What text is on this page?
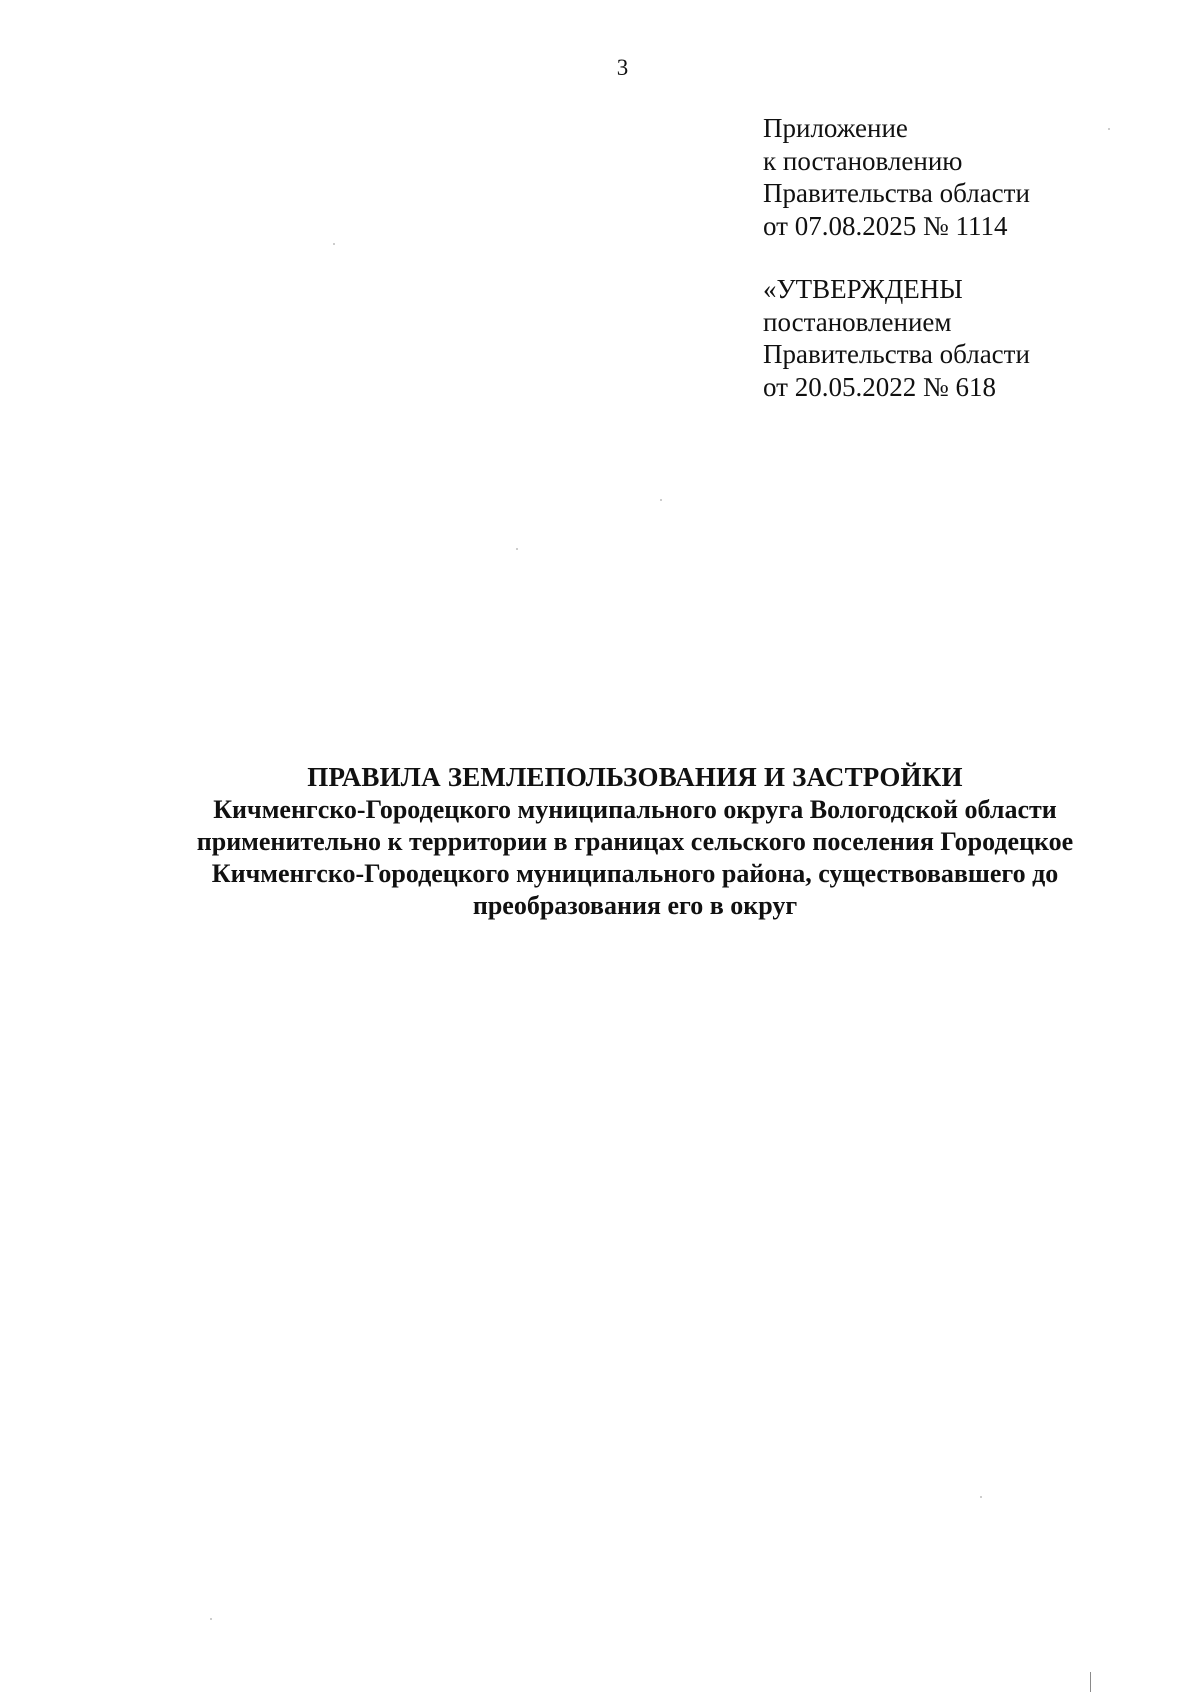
3
Приложение
к постановлению
Правительства области
от 07.08.2025 № 1114
«УТВЕРЖДЕНЫ
постановлением
Правительства области
от 20.05.2022 № 618
ПРАВИЛА ЗЕМЛЕПОЛЬЗОВАНИЯ И ЗАСТРОЙКИ
Кичменгско-Городецкого муниципального округа Вологодской области
применительно к территории в границах сельского поселения Городецкое
Кичменгско-Городецкого муниципального района, существовавшего до
преобразования его в округ
